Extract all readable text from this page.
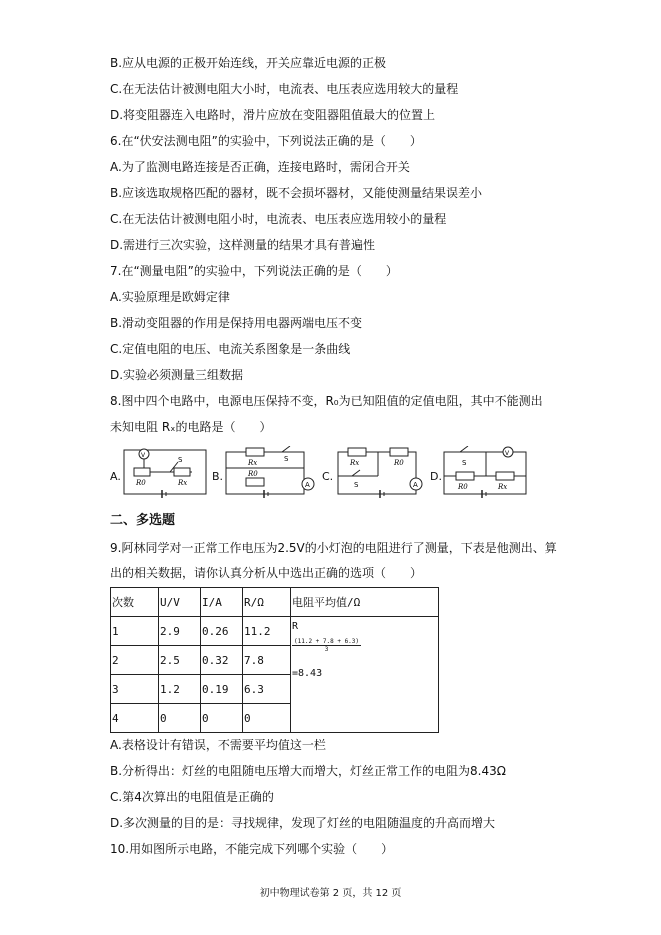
B.应从电源的正极开始连线，开关应靠近电源的正极
C.在无法估计被测电阻大小时，电流表、电压表应选用较大的量程
D.将变阻器连入电路时，滑片应放在变阻器阻值最大的位置上
6.在“伏安法测电阻”的实验中，下列说法正确的是（　　）
A.为了监测电路连接是否正确，连接电路时，需闭合开关
B.应该选取规格匹配的器材，既不会损坏器材，又能使测量结果误差小
C.在无法估计被测电阻小时，电流表、电压表应选用较小的量程
D.需进行三次实验，这样测量的结果才具有普遍性
7.在“测量电阻”的实验中，下列说法正确的是（　　）
A.实验原理是欧姆定律
B.滑动变阻器的作用是保持用电器两端电压不变
C.定值电阻的电压、电流关系图象是一条曲线
D.实验必须测量三组数据
8.图中四个电路中，电源电压保持不变，R₀为已知阻值的定值电阻，其中不能测出
未知电阻 Rₓ的电路是（　　）
A.
V
S
R0	Rx B.
Rx	S
R0
A
C.
Rx	R0
S	A
D.
S
V
R0	Rx
二、多选题
9.阿林同学对一正常工作电压为2.5V的小灯泡的电阻进行了测量，下表是他测出、算
出的相关数据，请你认真分析从中选出正确的选项（　　）
次数	U/V	I/A	R/Ω	电阻平均值/Ω
1	2.9	0.26	11.2	R
$\frac{(11.2 + 7.8 + 6.3)}{3}$
=8.43

2	2.5	0.32	7.8	
3	1.2	0.19	6.3	
4	0	0	0	
A.表格设计有错误，不需要平均值这一栏
B.分析得出：灯丝的电阻随电压增大而增大，灯丝正常工作的电阻为8.43Ω
C.第4次算出的电阻值是正确的
D.多次测量的目的是：寻找规律，发现了灯丝的电阻随温度的升高而增大
10.用如图所示电路，不能完成下列哪个实验（　　）
初中物理试卷第 2 页，共 12 页
